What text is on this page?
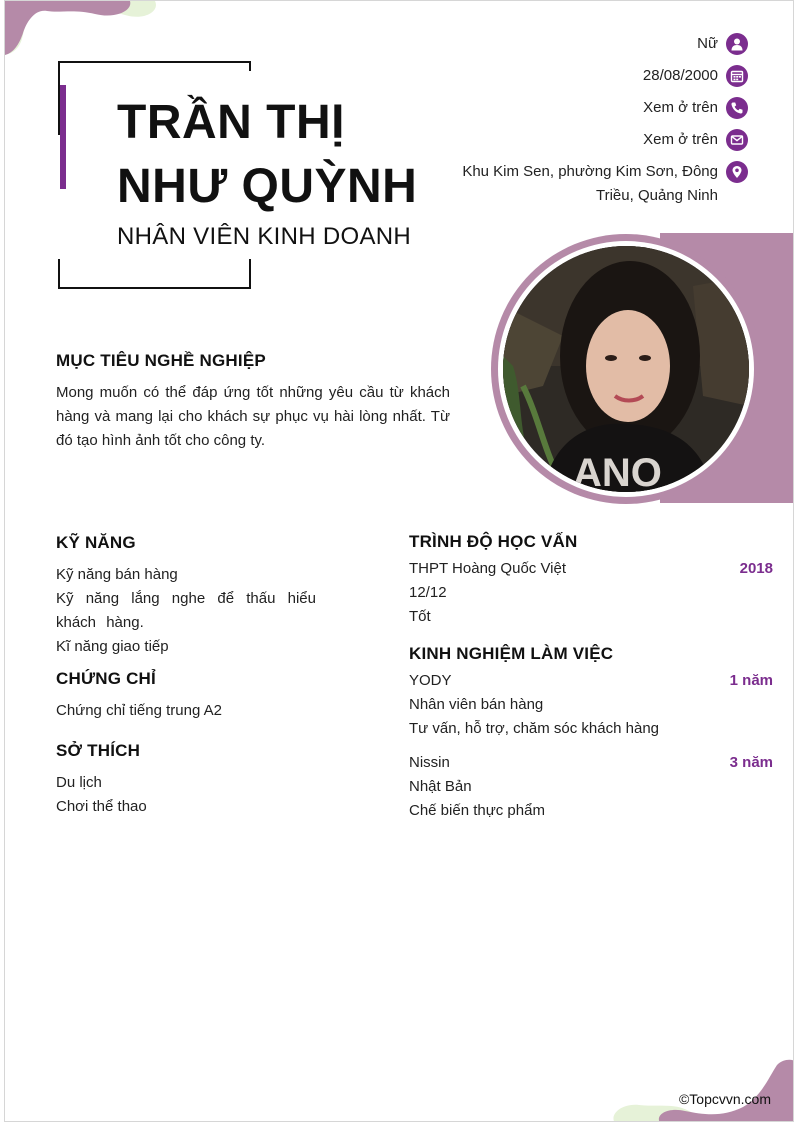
TRẦN THỊ
NHƯ QUỲNH
NHÂN VIÊN KINH DOANH
Nữ
28/08/2000
Xem ở trên
Xem ở trên
Khu Kim Sen, phường Kim Sơn, Đông
Triều, Quảng Ninh
ANO
MỤC TIÊU NGHỀ NGHIỆP
Mong muốn có thể đáp ứng tốt những yêu cầu từ khách hàng và mang lại cho khách sự phục vụ hài lòng nhất. Từ đó tạo hình ảnh tốt cho công ty.
KỸ NĂNG
Kỹ năng bán hàng
Kỹ năng lắng nghe để thấu hiểu khách hàng.
Kĩ năng giao tiếp
CHỨNG CHỈ
Chứng chỉ tiếng trung A2
SỞ THÍCH
Du lịch
Chơi thể thao
TRÌNH ĐỘ HỌC VẤN
THPT Hoàng Quốc Việt	2018
12/12
Tốt
KINH NGHIỆM LÀM VIỆC
YODY	1 năm
Nhân viên bán hàng
Tư vấn, hỗ trợ, chăm sóc khách hàng
Nissin	3 năm
Nhật Bản
Chế biến thực phẩm
©Topcvvn.com
